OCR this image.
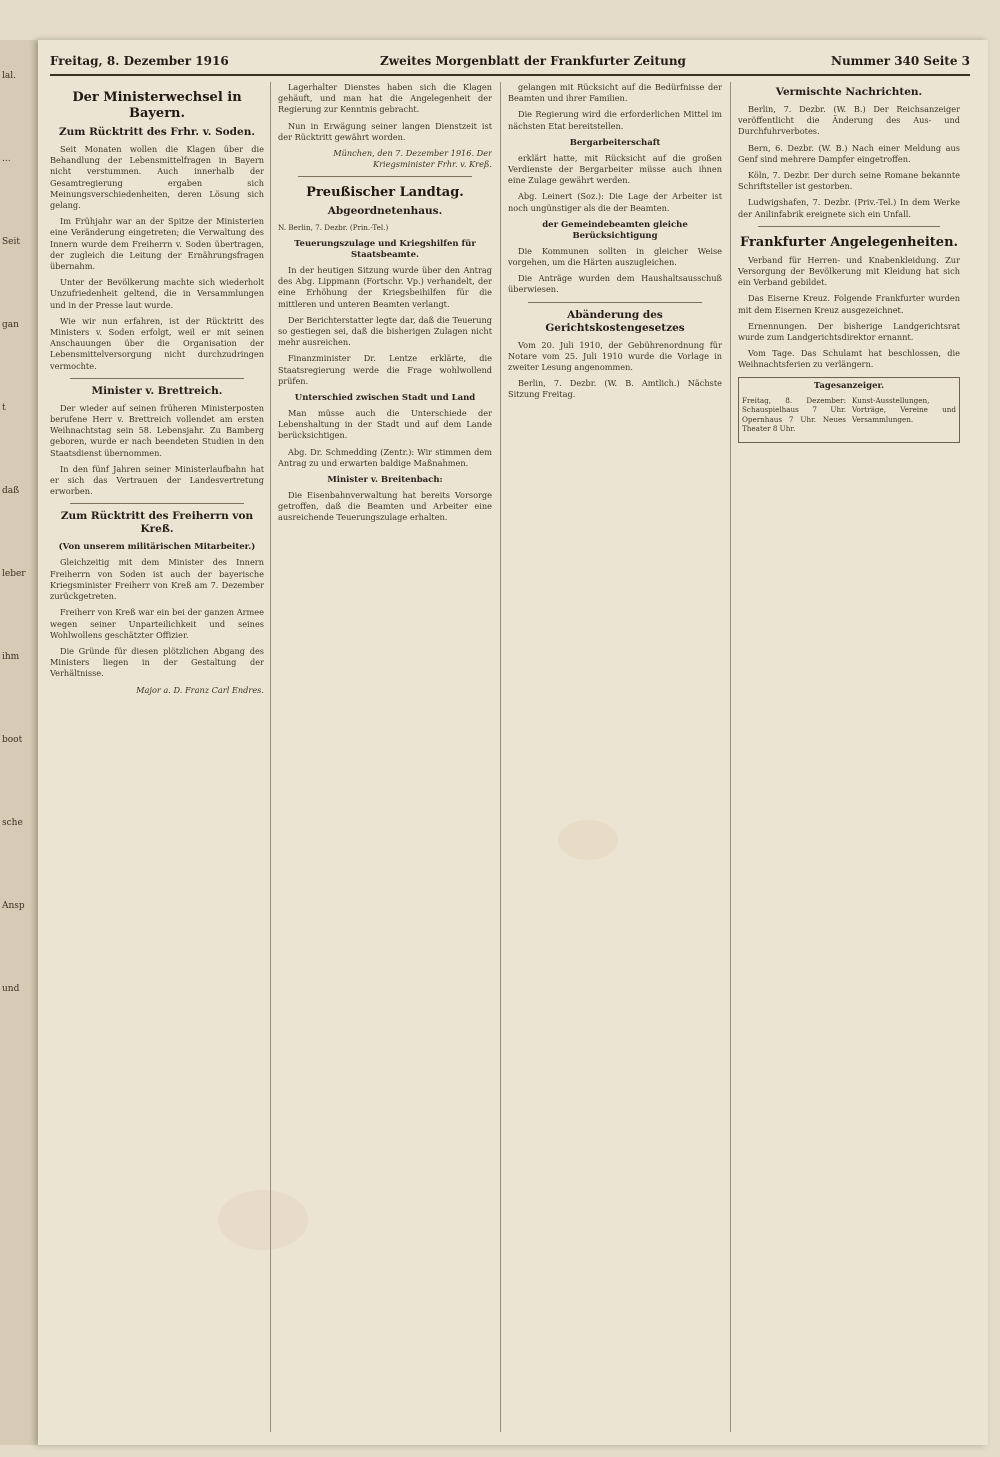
lal.
...
Seit
gan
t
daß
leber
ihm
boot
sche
Ansp
und
Freitag, 8. Dezember 1916	Zweites Morgenblatt der Frankfurter Zeitung	Nummer 340 Seite 3
Der Ministerwechsel in Bayern.
Zum Rücktritt des Frhr. v. Soden.

Seit Monaten wollen die Klagen über die Behandlung der Lebensmittelfragen in Bayern nicht verstummen. Auch innerhalb der Gesamtregierung ergaben sich Meinungsverschiedenheiten, deren Lösung sich gelang.

Im Frühjahr war an der Spitze der Ministerien eine Veränderung eingetreten; die Verwaltung des Innern wurde dem Freiherrn v. Soden übertragen, der zugleich die Leitung der Ernährungsfragen übernahm.

Unter der Bevölkerung machte sich wiederholt Unzufriedenheit geltend, die in Versammlungen und in der Presse laut wurde.

Wie wir nun erfahren, ist der Rücktritt des Ministers v. Soden erfolgt, weil er mit seinen Anschauungen über die Organisation der Lebensmittelversorgung nicht durchzudringen vermochte.

Minister v. Brettreich.

Der wieder auf seinen früheren Ministerposten berufene Herr v. Brettreich vollendet am ersten Weihnachtstag sein 58. Lebensjahr. Zu Bamberg geboren, wurde er nach beendeten Studien in den Staatsdienst übernommen.

In den fünf Jahren seiner Ministerlaufbahn hat er sich das Vertrauen der Landesvertretung erworben.

Zum Rücktritt des Freiherrn von Kreß.
(Von unserem militärischen Mitarbeiter.)

Gleichzeitig mit dem Minister des Innern Freiherrn von Soden ist auch der bayerische Kriegsminister Freiherr von Kreß am 7. Dezember zurückgetreten.

Freiherr von Kreß war ein bei der ganzen Armee wegen seiner Unparteilichkeit und seines Wohlwollens geschätzter Offizier.

Die Gründe für diesen plötzlichen Abgang des Ministers liegen in der Gestaltung der Verhältnisse.

Major a. D. Franz Carl Endres.

Lagerhalter Dienstes haben sich die Klagen gehäuft, und man hat die Angelegenheit der Regierung zur Kenntnis gebracht.

Nun in Erwägung seiner langen Dienstzeit ist der Rücktritt gewährt worden.

München, den 7. Dezember 1916. Der Kriegsminister Frhr. v. Kreß.

Preußischer Landtag.
Abgeordnetenhaus.

N. Berlin, 7. Dezbr. (Prin.-Tel.)

Teuerungszulage und Kriegshilfen für Staatsbeamte.

In der heutigen Sitzung wurde über den Antrag des Abg. Lippmann (Fortschr. Vp.) verhandelt, der eine Erhöhung der Kriegsbeihilfen für die mittleren und unteren Beamten verlangt.

Der Berichterstatter legte dar, daß die Teuerung so gestiegen sei, daß die bisherigen Zulagen nicht mehr ausreichen.

Finanzminister Dr. Lentze erklärte, die Staatsregierung werde die Frage wohlwollend prüfen.

Unterschied zwischen Stadt und Land

Man müsse auch die Unterschiede der Lebenshaltung in der Stadt und auf dem Lande berücksichtigen.

Abg. Dr. Schmedding (Zentr.): Wir stimmen dem Antrag zu und erwarten baldige Maßnahmen.

Minister v. Breitenbach:

Die Eisenbahnverwaltung hat bereits Vorsorge getroffen, daß die Beamten und Arbeiter eine ausreichende Teuerungszulage erhalten.

gelangen mit Rücksicht auf die Bedürfnisse der Beamten und ihrer Familien.

Die Regierung wird die erforderlichen Mittel im nächsten Etat bereitstellen.

Bergarbeiterschaft

erklärt hatte, mit Rücksicht auf die großen Verdienste der Bergarbeiter müsse auch ihnen eine Zulage gewährt werden.

Abg. Leinert (Soz.): Die Lage der Arbeiter ist noch ungünstiger als die der Beamten.

der Gemeindebeamten gleiche Berücksichtigung

Die Kommunen sollten in gleicher Weise vorgehen, um die Härten auszugleichen.

Die Anträge wurden dem Haushaltsausschuß überwiesen.

Abänderung des Gerichtskostengesetzes

Vom 20. Juli 1910, der Gebührenordnung für Notare vom 25. Juli 1910 wurde die Vorlage in zweiter Lesung angenommen.

Berlin, 7. Dezbr. (W. B. Amtlich.) Nächste Sitzung Freitag.

Vermischte Nachrichten.

Berlin, 7. Dezbr. (W. B.) Der Reichsanzeiger veröffentlicht die Änderung des Aus- und Durchfuhrverbotes.

Bern, 6. Dezbr. (W. B.) Nach einer Meldung aus Genf sind mehrere Dampfer eingetroffen.

Köln, 7. Dezbr. Der durch seine Romane bekannte Schriftsteller ist gestorben.

Ludwigshafen, 7. Dezbr. (Priv.-Tel.) In dem Werke der Anilinfabrik ereignete sich ein Unfall.

Frankfurter Angelegenheiten.

Verband für Herren- und Knabenkleidung. Zur Versorgung der Bevölkerung mit Kleidung hat sich ein Verband gebildet.

Das Eiserne Kreuz. Folgende Frankfurter wurden mit dem Eisernen Kreuz ausgezeichnet.

Ernennungen. Der bisherige Landgerichtsrat wurde zum Landgerichtsdirektor ernannt.

Vom Tage. Das Schulamt hat beschlossen, die Weihnachtsferien zu verlängern.

Tagesanzeiger.

Freitag, 8. Dezember: Schauspielhaus 7 Uhr. Opernhaus 7 Uhr. Neues Theater 8 Uhr.

Kunst-Ausstellungen, Vorträge, Vereine und Versammlungen.
